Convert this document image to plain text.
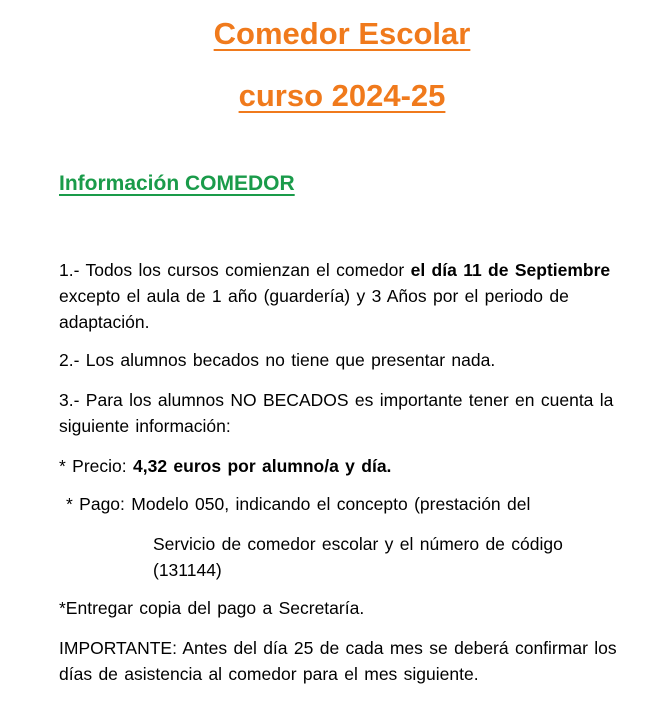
Comedor Escolar
curso 2024-25
Información COMEDOR

1.- Todos los cursos comienzan el comedor el día 11 de Septiembre excepto el aula de 1 año (guardería) y 3 Años por el periodo de adaptación.

2.- Los alumnos becados no tiene que presentar nada.

3.- Para los alumnos NO BECADOS es importante tener en cuenta la siguiente información:

* Precio: 4,32 euros por alumno/a y día.

* Pago: Modelo 050, indicando el concepto (prestación del

Servicio de comedor escolar y el número de código (131144)

*Entregar copia del pago a Secretaría.

IMPORTANTE: Antes del día 25 de cada mes se deberá confirmar los días de asistencia al comedor para el mes siguiente.
